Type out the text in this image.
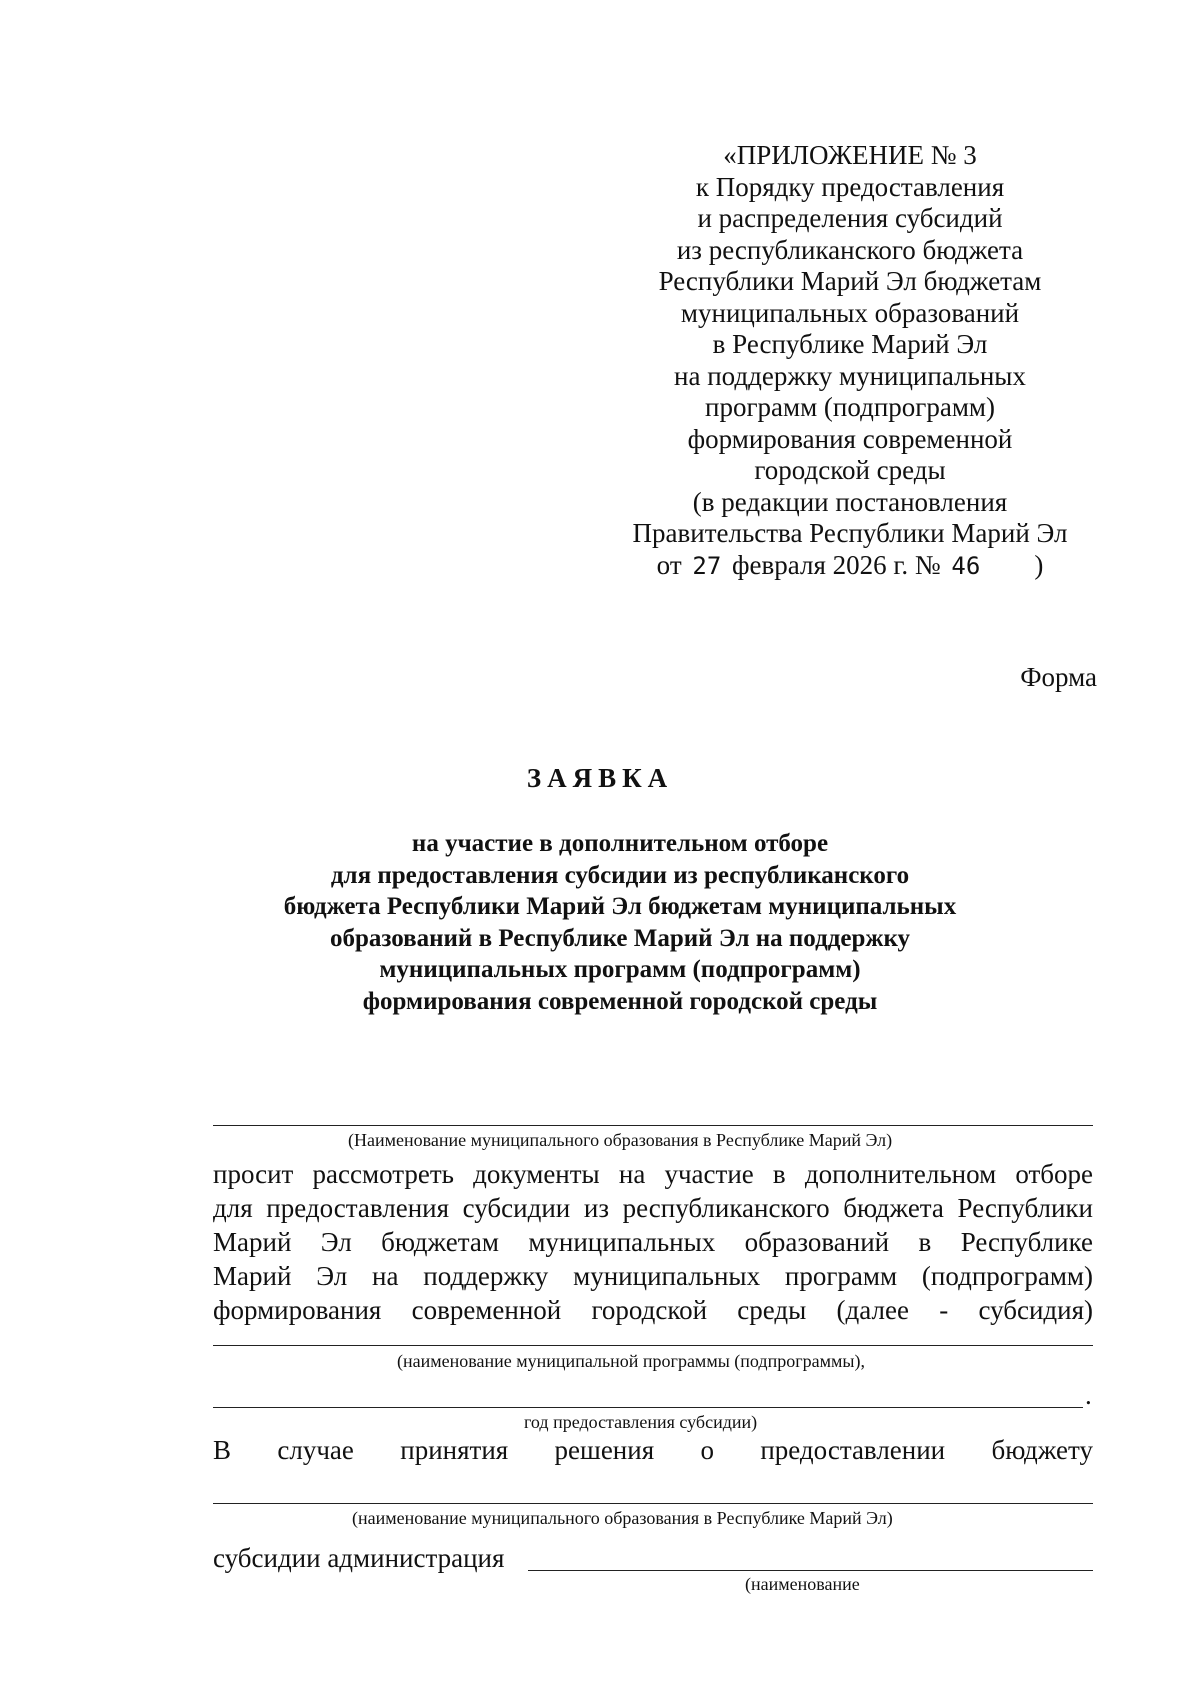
«ПРИЛОЖЕНИЕ № 3
к Порядку предоставления
и распределения субсидий
из республиканского бюджета
Республики Марий Эл бюджетам
муниципальных образований
в Республике Марий Эл
на поддержку муниципальных
программ (подпрограмм)
формирования современной
городской среды
(в редакции постановления
Правительства Республики Марий Эл
от 27 февраля 2026 г. № 46 )
Форма
ЗАЯВКА
на участие в дополнительном отборе
для предоставления субсидии из республиканского
бюджета Республики Марий Эл бюджетам муниципальных
образований в Республике Марий Эл на поддержку
муниципальных программ (подпрограмм)
формирования современной городской среды
(Наименование муниципального образования в Республике Марий Эл)
просит рассмотреть документы на участие в дополнительном отборе
для предоставления субсидии из республиканского бюджета Республики
Марий Эл бюджетам муниципальных образований в Республике
Марий Эл на поддержку муниципальных программ (подпрограмм)
формирования современной городской среды (далее - субсидия)
(наименование муниципальной программы (подпрограммы),
.
год предоставления субсидии)
В случае принятия решения о предоставлении бюджету
(наименование муниципального образования в Республике Марий Эл)
субсидии администрация
(наименование
